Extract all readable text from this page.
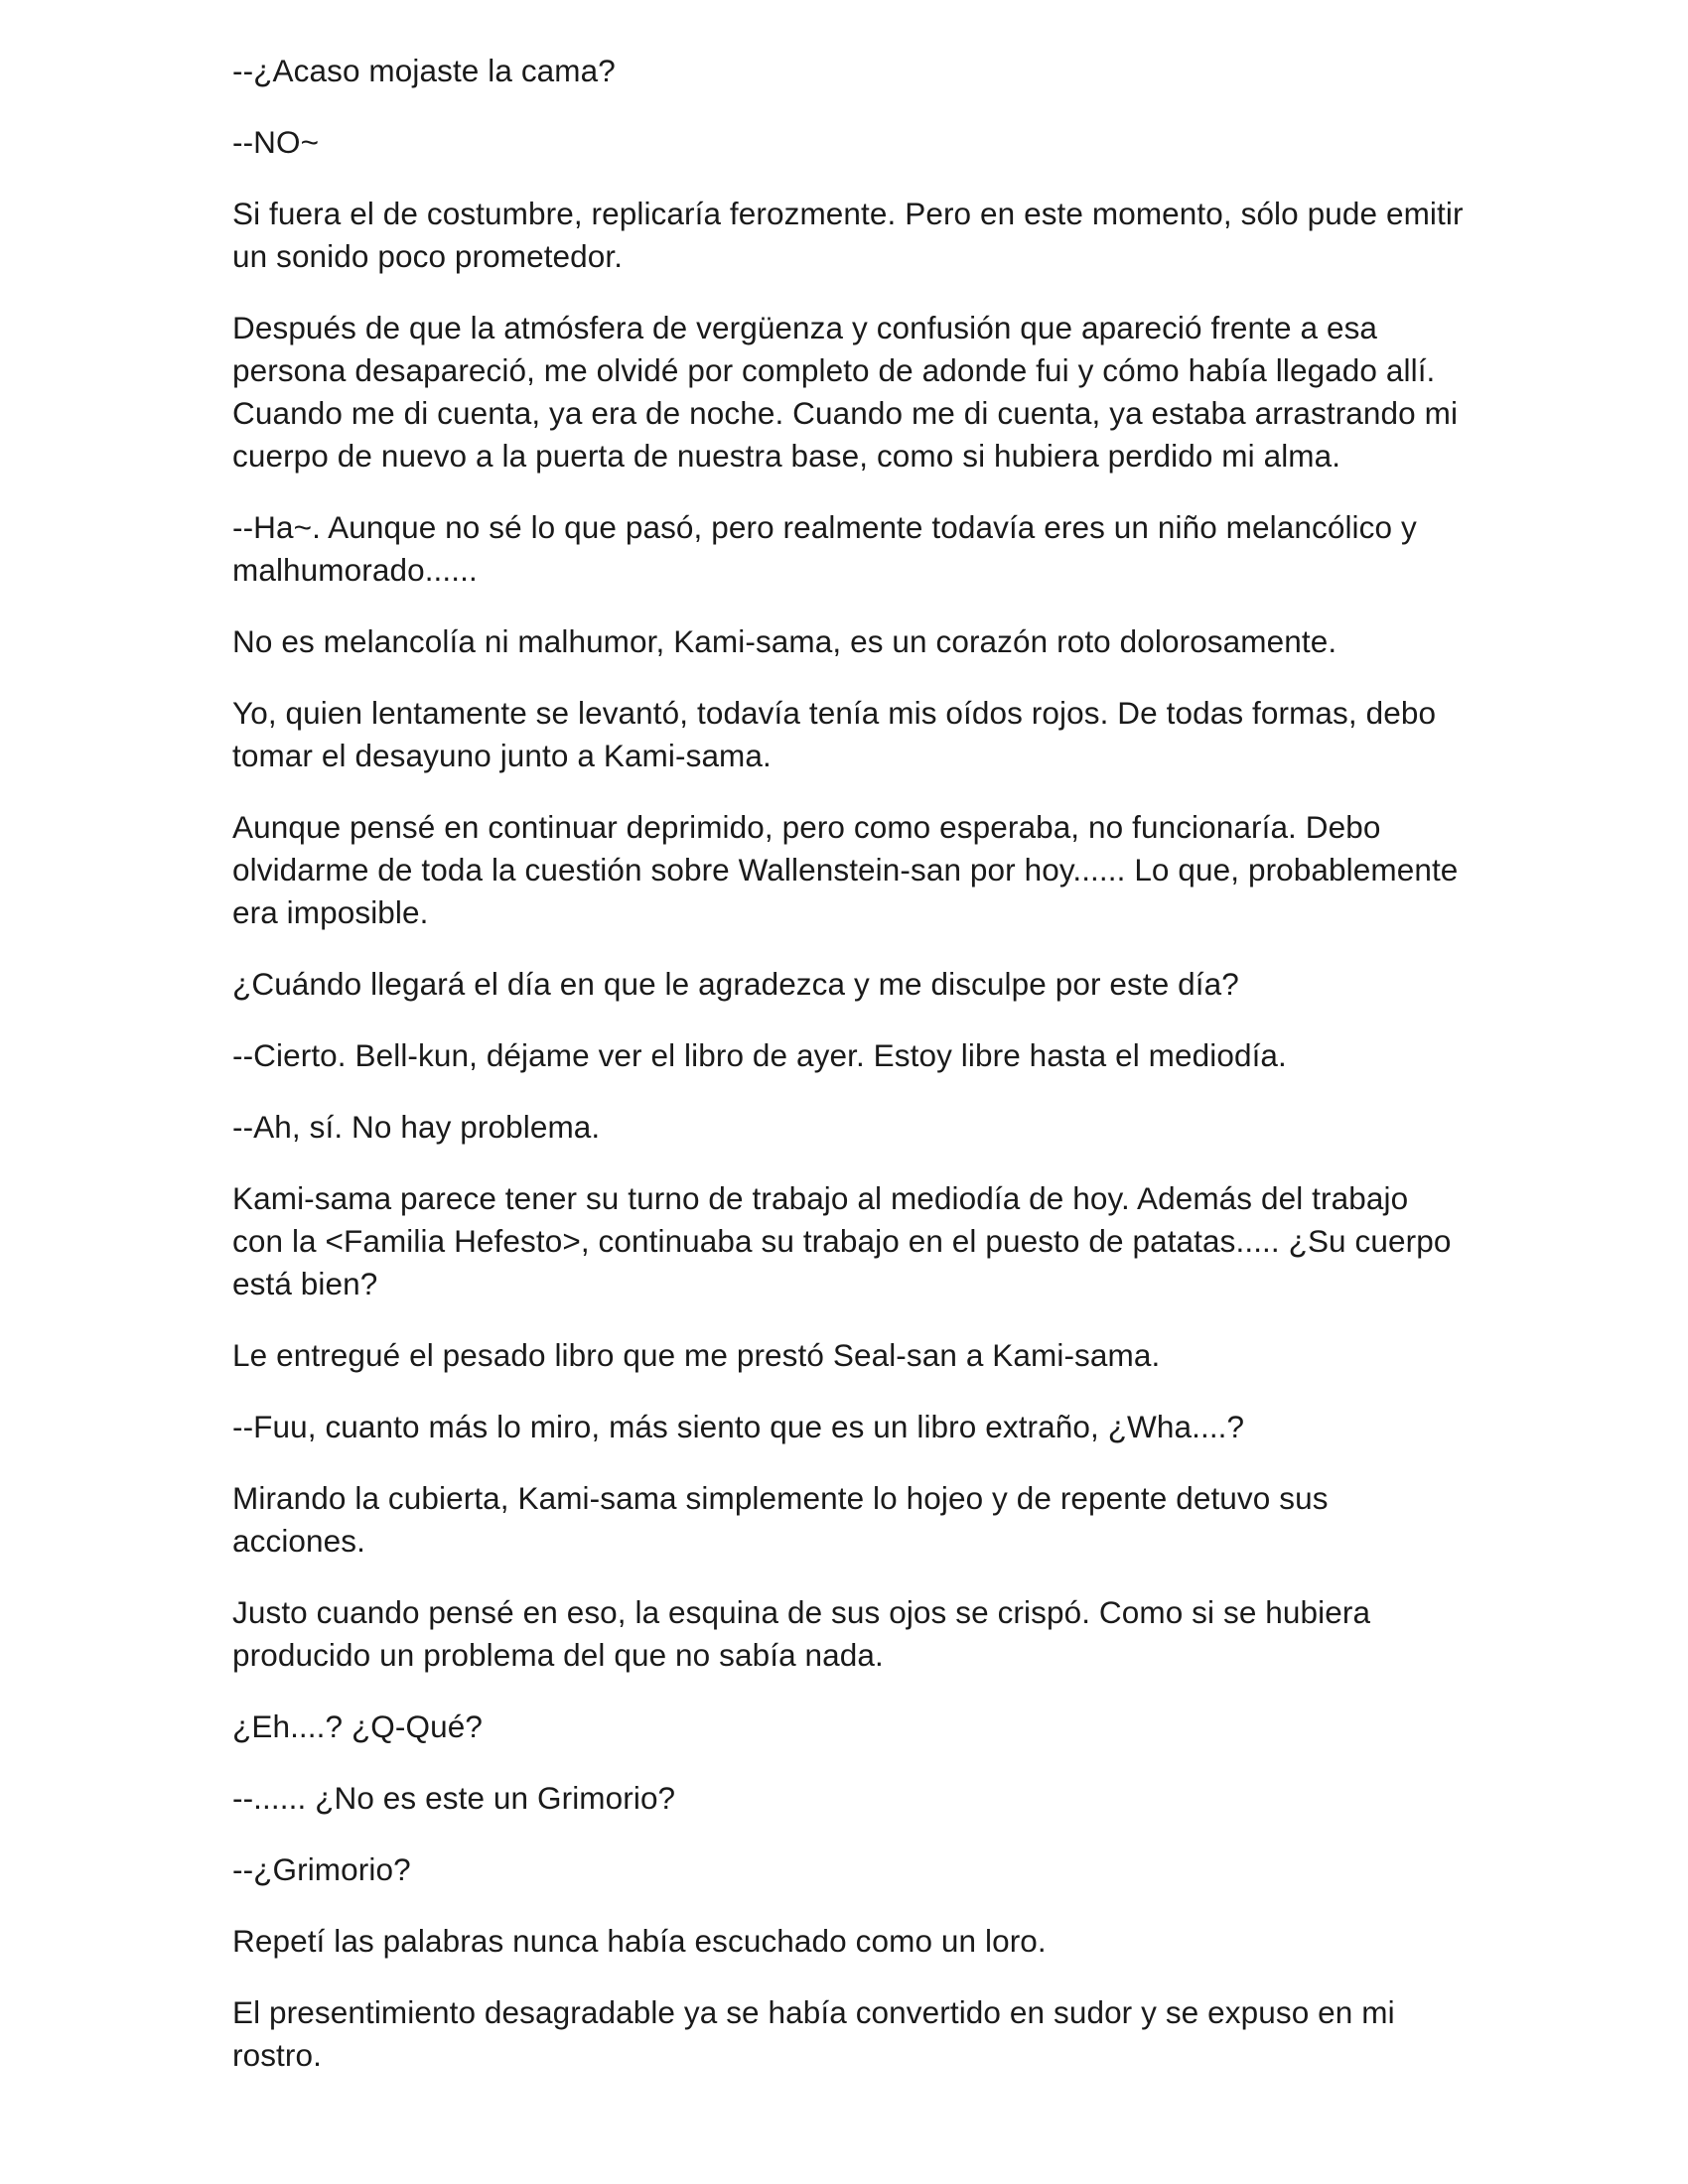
--¿Acaso mojaste la cama?

--NO~

Si fuera el de costumbre, replicaría ferozmente. Pero en este momento, sólo pude emitir un sonido poco prometedor.

Después de que la atmósfera de vergüenza y confusión que apareció frente a esa persona desapareció, me olvidé por completo de adonde fui y cómo había llegado allí. Cuando me di cuenta, ya era de noche. Cuando me di cuenta, ya estaba arrastrando mi cuerpo de nuevo a la puerta de nuestra base, como si hubiera perdido mi alma.

--Ha~. Aunque no sé lo que pasó, pero realmente todavía eres un niño melancólico y malhumorado......

No es melancolía ni malhumor, Kami-sama, es un corazón roto dolorosamente.

Yo, quien lentamente se levantó, todavía tenía mis oídos rojos. De todas formas, debo tomar el desayuno junto a Kami-sama.

Aunque pensé en continuar deprimido, pero como esperaba, no funcionaría. Debo olvidarme de toda la cuestión sobre Wallenstein-san por hoy...... Lo que, probablemente era imposible.

¿Cuándo llegará el día en que le agradezca y me disculpe por este día?

--Cierto. Bell-kun, déjame ver el libro de ayer. Estoy libre hasta el mediodía.

--Ah, sí. No hay problema.

Kami-sama parece tener su turno de trabajo al mediodía de hoy. Además del trabajo con la <Familia Hefesto>, continuaba su trabajo en el puesto de patatas..... ¿Su cuerpo está bien?

Le entregué el pesado libro que me prestó Seal-san a Kami-sama.

--Fuu, cuanto más lo miro, más siento que es un libro extraño, ¿Wha....?

Mirando la cubierta, Kami-sama simplemente lo hojeo y de repente detuvo sus acciones.

Justo cuando pensé en eso, la esquina de sus ojos se crispó. Como si se hubiera producido un problema del que no sabía nada.

¿Eh....? ¿Q-Qué?

--...... ¿No es este un Grimorio?

--¿Grimorio?

Repetí las palabras nunca había escuchado como un loro.

El presentimiento desagradable ya se había convertido en sudor y se expuso en mi rostro.
